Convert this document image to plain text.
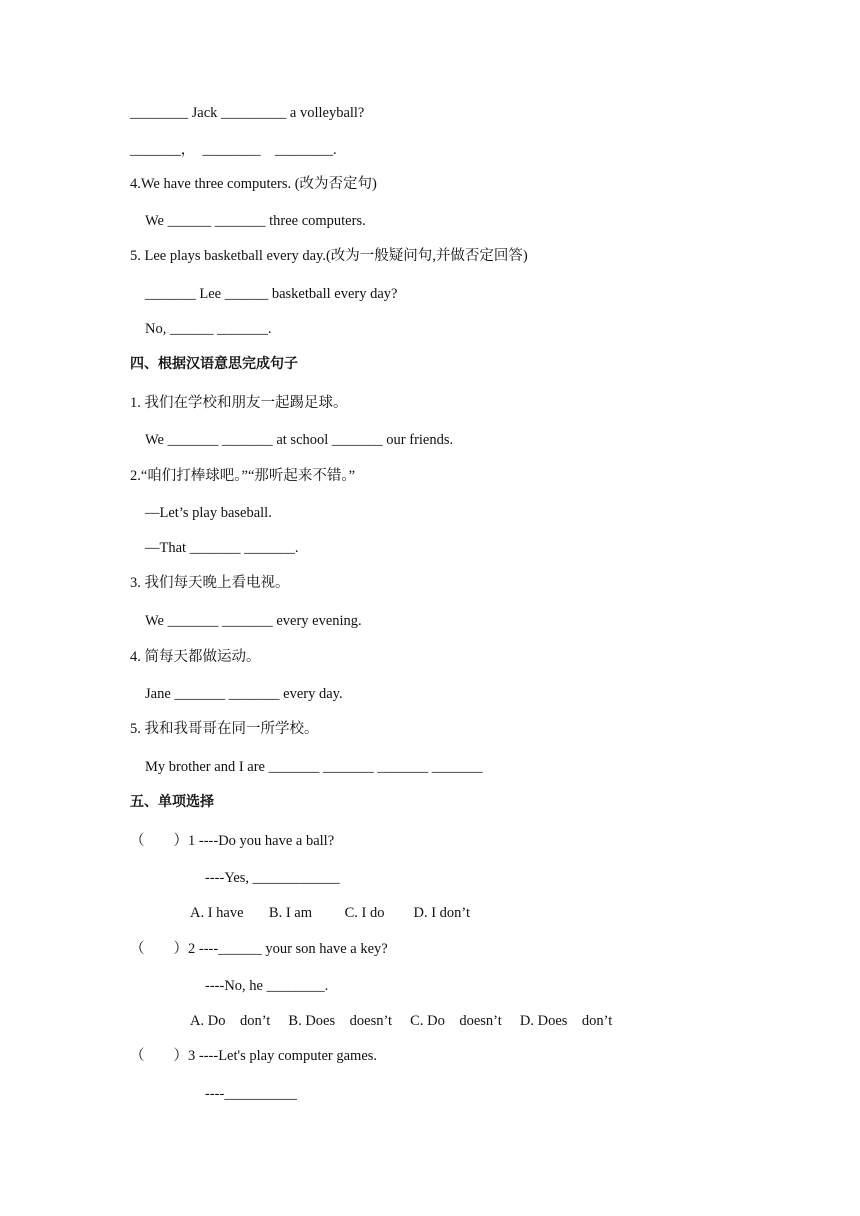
________ Jack _________ a volleyball?
_______，  ________    ________.
4.We have three computers. (改为否定句)
We ______ _______ three computers.
5. Lee plays basketball every day.(改为一般疑问句,并做否定回答)
_______ Lee ______ basketball every day?
No, ______ _______.
四、根据汉语意思完成句子
1. 我们在学校和朋友一起踢足球。
We _______ _______ at school _______ our friends.
2.“咱们打棒球吧。”“那听起来不错。”
—Let’s play baseball.
—That _______ _______.
3. 我们每天晚上看电视。
We _______ _______ every evening.
4. 简每天都做运动。
Jane _______ _______ every day.
5. 我和我哥哥在同一所学校。
My brother and I are _______ _______ _______ _______
五、单项选择
（        ）1 ----Do you have a ball?
----Yes, ____________
A. I have       B. I am         C. I do        D. I don’t
（        ）2 ----______ your son have a key?
----No, he ________.
A. Do    don’t     B. Does    doesn’t     C. Do    doesn’t     D. Does    don’t
（        ）3 ----Let's play computer games.
----__________
